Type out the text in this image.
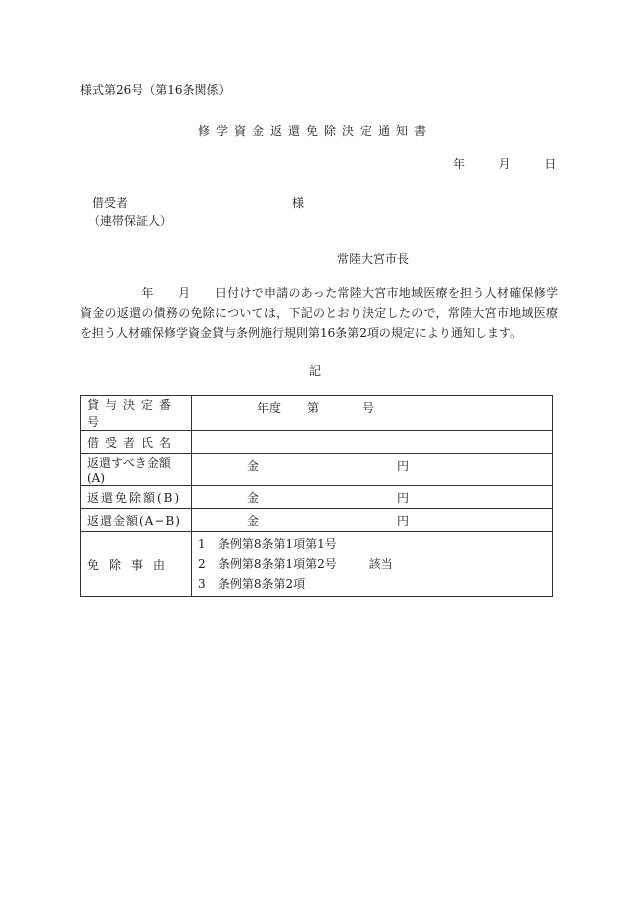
様式第26号（第16条関係）
修学資金返還免除決定通知書
年	月	日
借受者	様
（連帯保証人）
常陸大宮市長
　　　　　年　　月　　日付けで申請のあった常陸大宮市地域医療を担う人材確保修学資金の返還の債務の免除については，下記のとおり決定したので，常陸大宮市地域医療を担う人材確保修学資金貸与条例施行規則第16条第2項の規定により通知します。
記
貸与決定番号	年度 第 号

借受者氏名	
返還すべき金額(A)	金 円

返還免除額(B)	金 円

返還金額(A−B)	金 円

免 除 事 由	1 条例第8条第1項第1号
2 条例第8条第1項第2号 該当
3 条例第8条第2項
